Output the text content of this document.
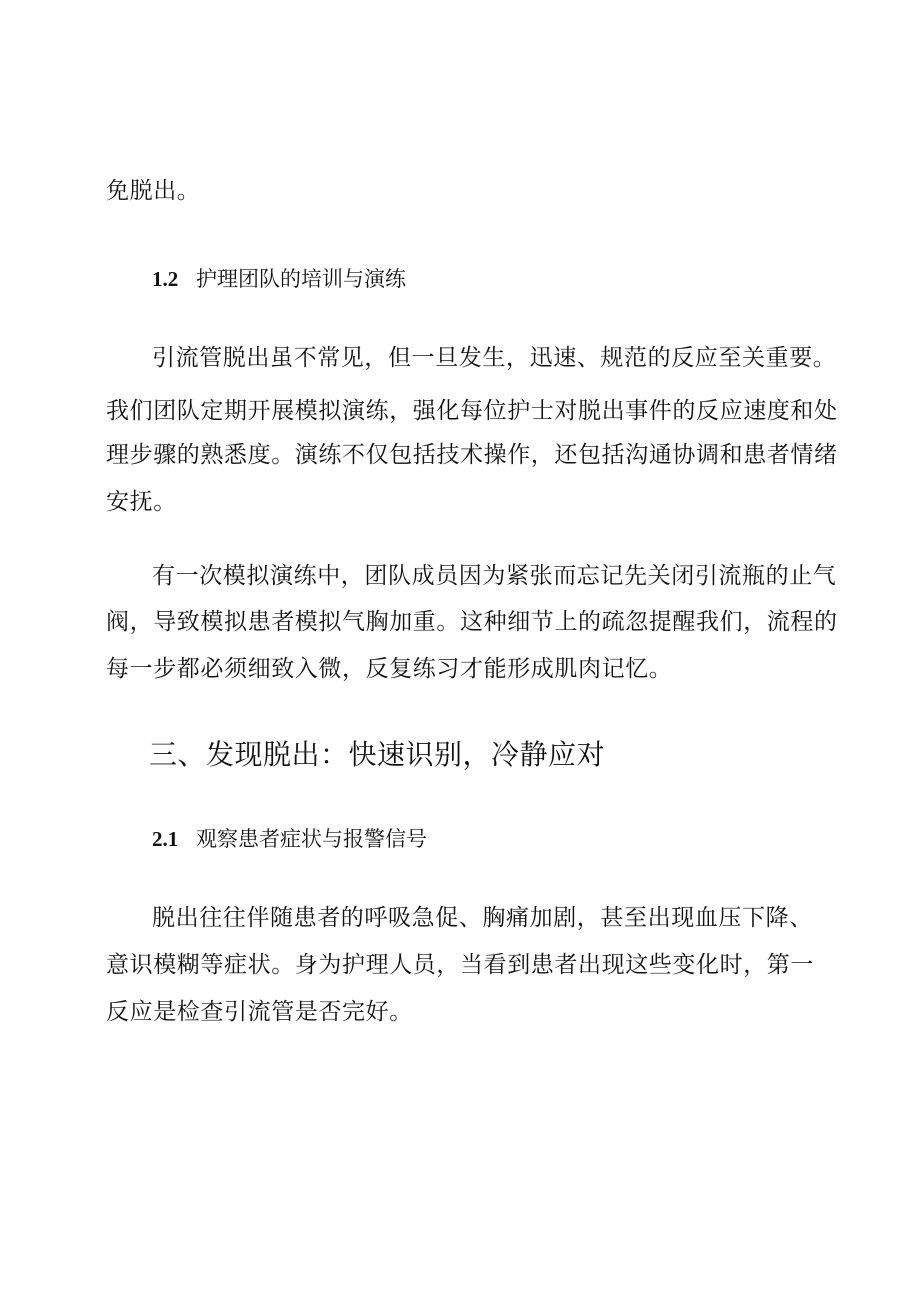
免脱出。
1.2 护理团队的培训与演练
引流管脱出虽不常见，但一旦发生，迅速、规范的反应至关重要。
我们团队定期开展模拟演练，强化每位护士对脱出事件的反应速度和处
理步骤的熟悉度。演练不仅包括技术操作，还包括沟通协调和患者情绪
安抚。
有一次模拟演练中，团队成员因为紧张而忘记先关闭引流瓶的止气
阀，导致模拟患者模拟气胸加重。这种细节上的疏忽提醒我们，流程的
每一步都必须细致入微，反复练习才能形成肌肉记忆。
三、发现脱出：快速识别，冷静应对
2.1 观察患者症状与报警信号
脱出往往伴随患者的呼吸急促、胸痛加剧，甚至出现血压下降、
意识模糊等症状。身为护理人员，当看到患者出现这些变化时，第一
反应是检查引流管是否完好。
